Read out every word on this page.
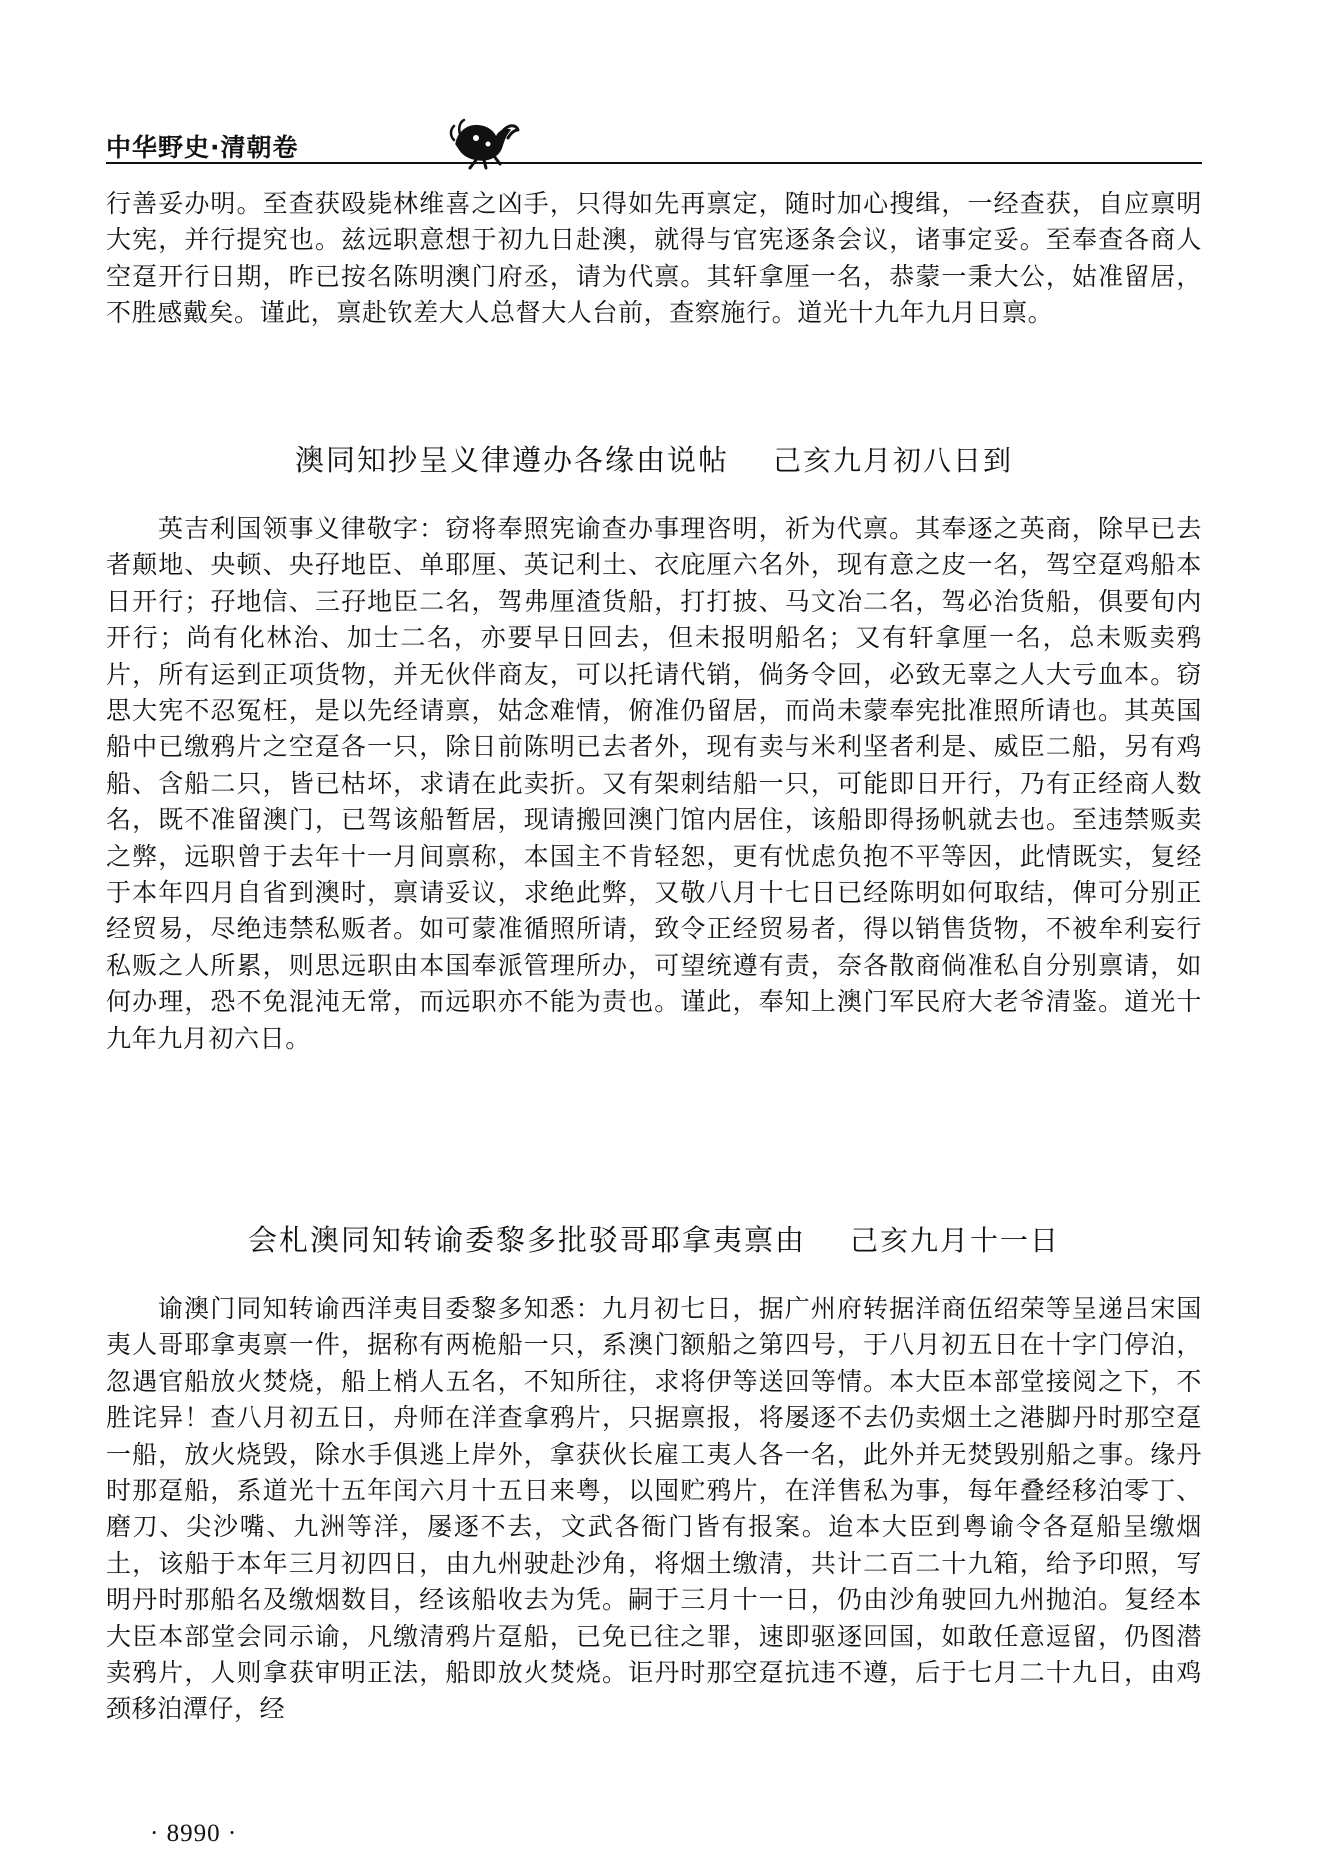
中华野史·清朝卷

行善妥办明。至查获殴毙林维喜之凶手，只得如先再禀定，随时加心搜缉，一经查获，自应禀明大宪，并行提究也。兹远职意想于初九日赴澳，就得与官宪逐条会议，诸事定妥。至奉查各商人空趸开行日期，昨已按名陈明澳门府丞，请为代禀。其轩拿厘一名，恭蒙一秉大公，姑准留居，不胜感戴矣。谨此，禀赴钦差大人总督大人台前，查察施行。道光十九年九月日禀。

澳同知抄呈义律遵办各缘由说帖 己亥九月初八日到

英吉利国领事义律敬字：窃将奉照宪谕查办事理咨明，祈为代禀。其奉逐之英商，除早已去者颠地、央顿、央孖地臣、单耶厘、英记利土、衣庇厘六名外，现有意之皮一名，驾空趸鸡船本日开行；孖地信、三孖地臣二名，驾弗厘渣货船，打打披、马文冶二名，驾必治货船，俱要旬内开行；尚有化林治、加士二名，亦要早日回去，但未报明船名；又有轩拿厘一名，总未贩卖鸦片，所有运到正项货物，并无伙伴商友，可以托请代销，倘务令回，必致无辜之人大亏血本。窃思大宪不忍冤枉，是以先经请禀，姑念难情，俯准仍留居，而尚未蒙奉宪批准照所请也。其英国船中已缴鸦片之空趸各一只，除日前陈明已去者外，现有卖与米利坚者利是、威臣二船，另有鸡船、含船二只，皆已枯坏，求请在此卖折。又有架刺结船一只，可能即日开行，乃有正经商人数名，既不准留澳门，已驾该船暂居，现请搬回澳门馆内居住，该船即得扬帆就去也。至违禁贩卖之弊，远职曾于去年十一月间禀称，本国主不肯轻恕，更有忧虑负抱不平等因，此情既实，复经于本年四月自省到澳时，禀请妥议，求绝此弊，又敬八月十七日已经陈明如何取结，俾可分别正经贸易，尽绝违禁私贩者。如可蒙准循照所请，致令正经贸易者，得以销售货物，不被牟利妄行私贩之人所累，则思远职由本国奉派管理所办，可望统遵有责，奈各散商倘准私自分别禀请，如何办理，恐不免混沌无常，而远职亦不能为责也。谨此，奉知上澳门军民府大老爷清鉴。道光十九年九月初六日。

会札澳同知转谕委黎多批驳哥耶拿夷禀由 己亥九月十一日

谕澳门同知转谕西洋夷目委黎多知悉：九月初七日，据广州府转据洋商伍绍荣等呈递吕宋国夷人哥耶拿夷禀一件，据称有两桅船一只，系澳门额船之第四号，于八月初五日在十字门停泊，忽遇官船放火焚烧，船上梢人五名，不知所往，求将伊等送回等情。本大臣本部堂接阅之下，不胜诧异！查八月初五日，舟师在洋查拿鸦片，只据禀报，将屡逐不去仍卖烟土之港脚丹时那空趸一船，放火烧毁，除水手俱逃上岸外，拿获伙长雇工夷人各一名，此外并无焚毁别船之事。缘丹时那趸船，系道光十五年闰六月十五日来粤，以囤贮鸦片，在洋售私为事，每年叠经移泊零丁、磨刀、尖沙嘴、九洲等洋，屡逐不去，文武各衙门皆有报案。迨本大臣到粤谕令各趸船呈缴烟土，该船于本年三月初四日，由九州驶赴沙角，将烟土缴清，共计二百二十九箱，给予印照，写明丹时那船名及缴烟数目，经该船收去为凭。嗣于三月十一日，仍由沙角驶回九州抛泊。复经本大臣本部堂会同示谕，凡缴清鸦片趸船，已免已往之罪，速即驱逐回国，如敢任意逗留，仍图潜卖鸦片，人则拿获审明正法，船即放火焚烧。讵丹时那空趸抗违不遵，后于七月二十九日，由鸡颈移泊潭仔，经

· 8990 ·
